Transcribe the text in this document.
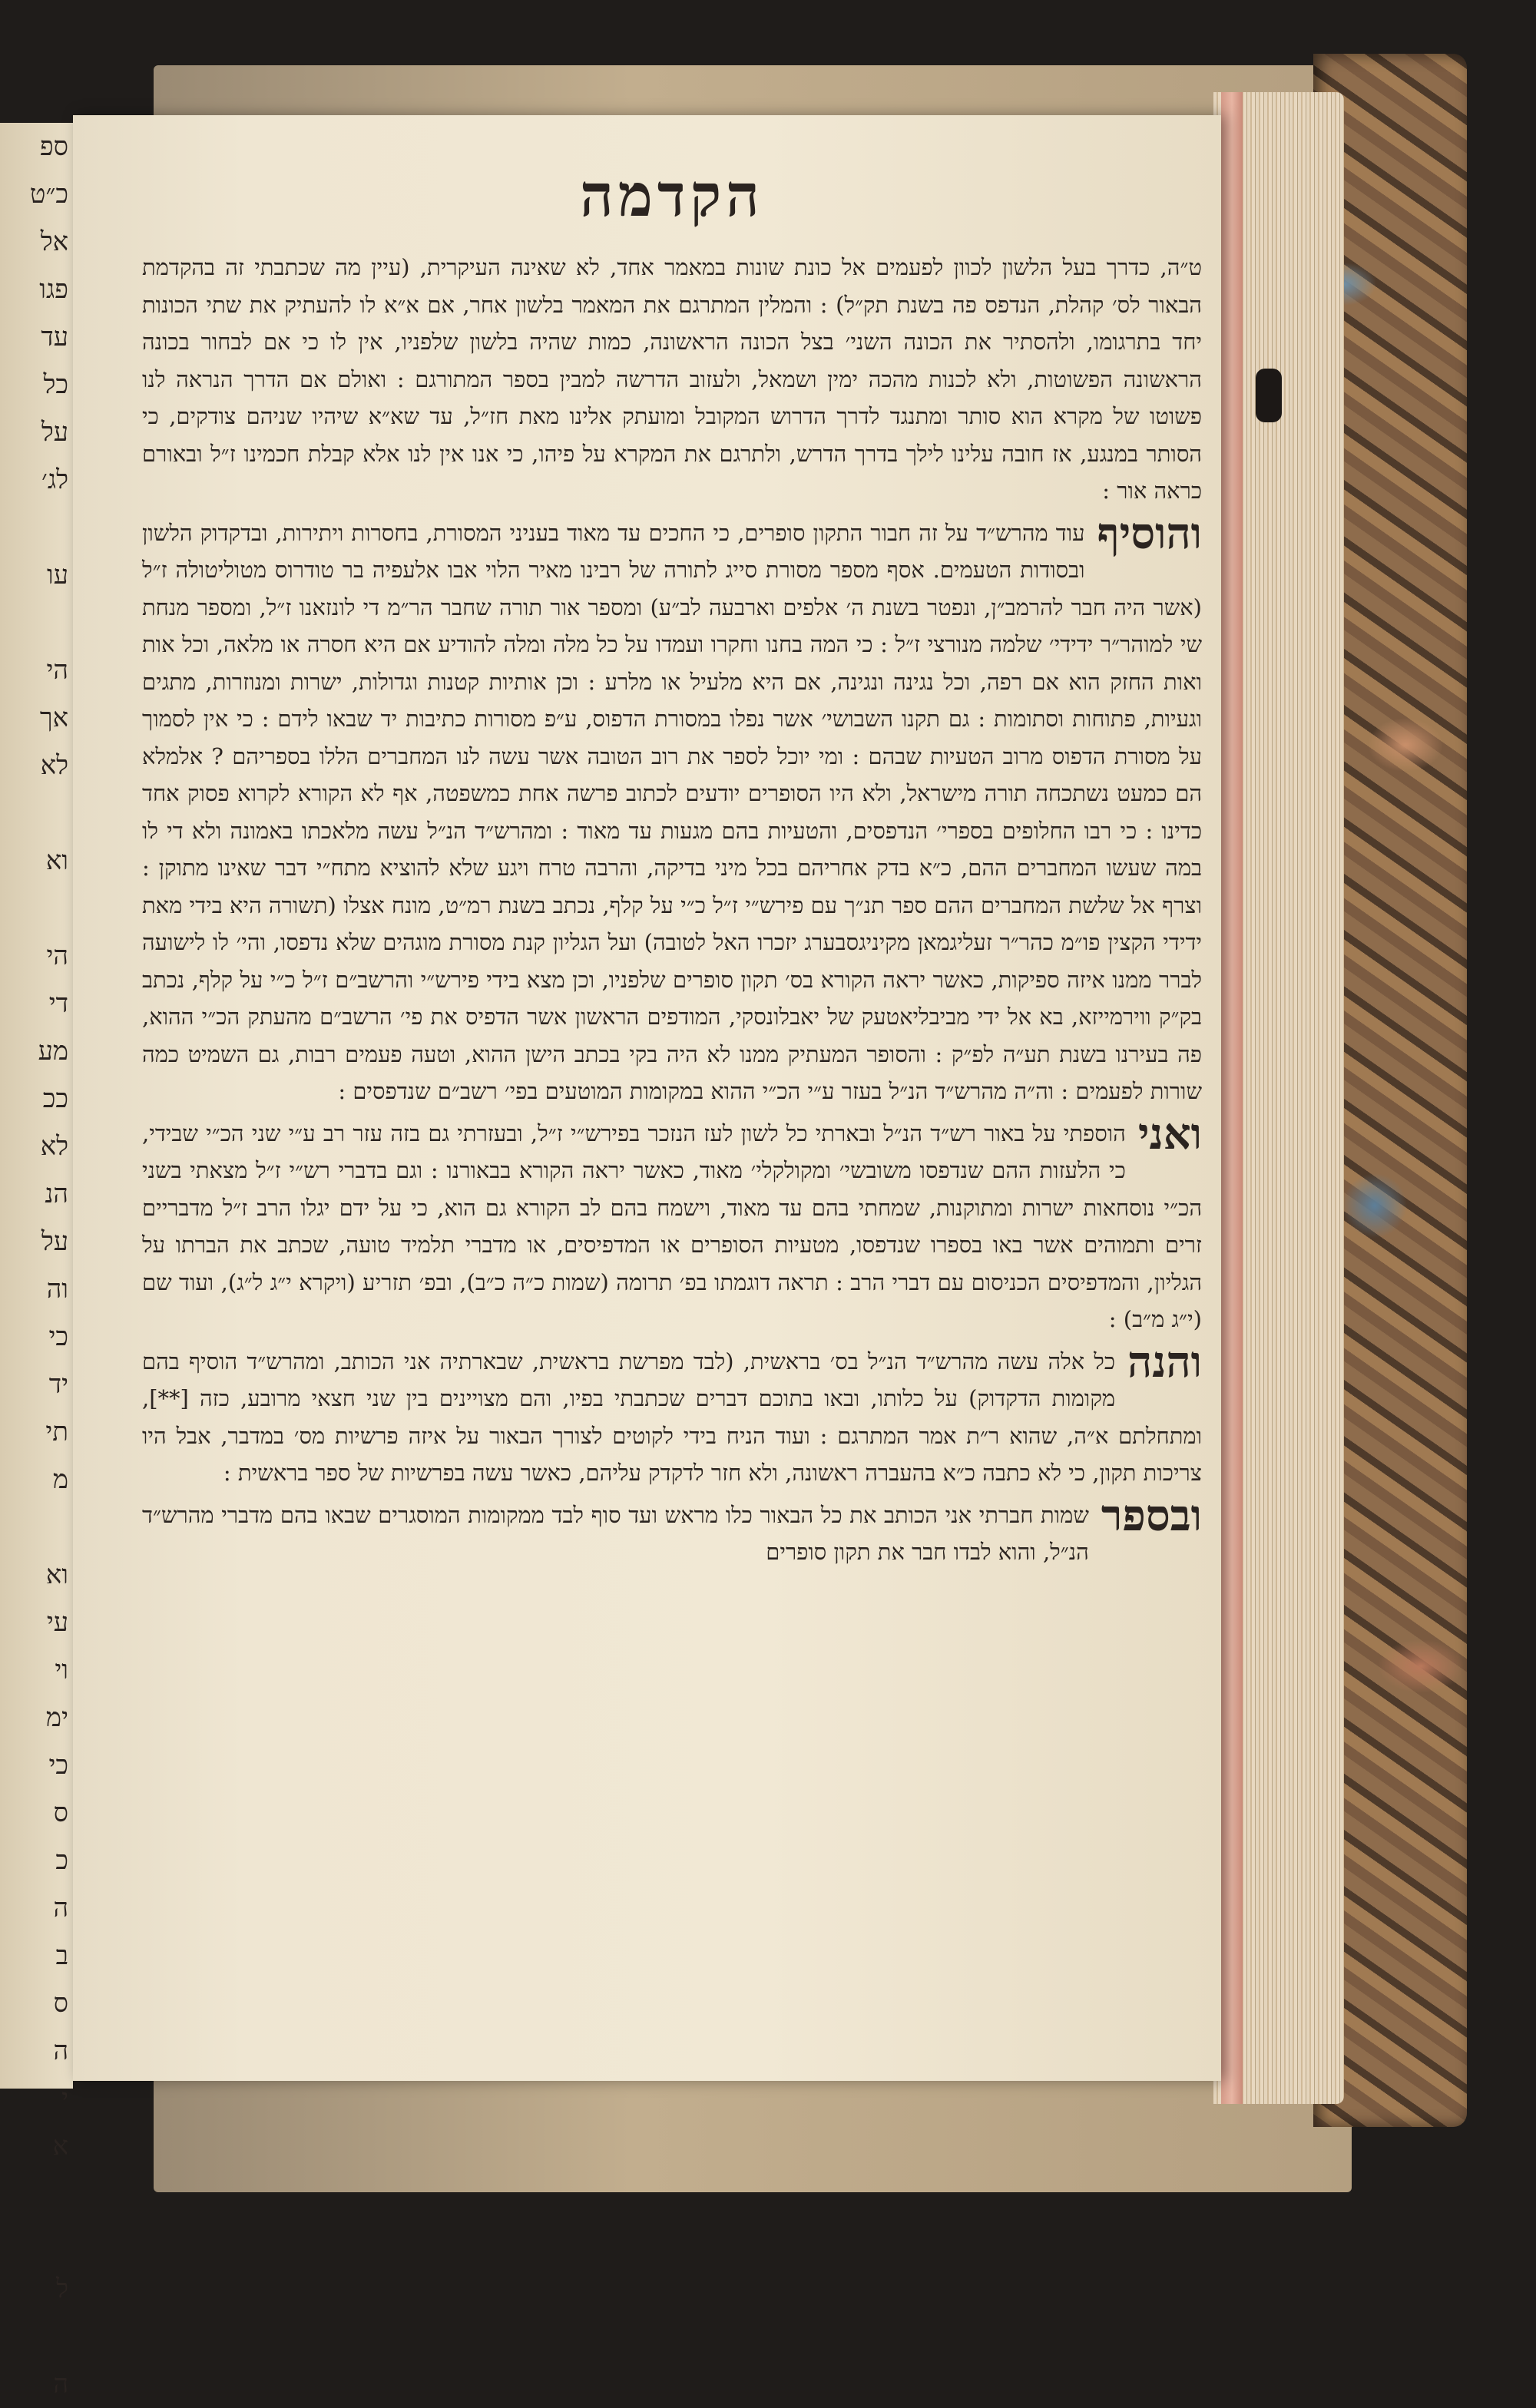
ספ
כ״ט
אל
פגו
עד
כל
על
לג׳

עו

הי
אך
לא

וא

הי
די
מע
ככ
לא
הנ
על
וה
כי
יד
תי
מ

וא
עי
וי
ימ
כי
ס
כ
ה
ב
ס
ה
י
א

ל

ה
הקדמה

ט״ה, כדרך בעל הלשון לכוון לפעמים אל כונת שונות במאמר אחד, לא שאינה העיקרית, (עיין מה שכתבתי זה בהקדמת הבאור לס׳ קהלת, הנדפס פה בשנת תק״ל) : והמלין המתרגם את המאמר בלשון אחר, אם א״א לו להעתיק את שתי הכונות יחד בתרגומו, ולהסתיר את הכונה השני׳ בצל הכונה הראשונה, כמות שהיה בלשון שלפניו, אין לו כי אם לבחור בכונה הראשונה הפשוטות, ולא לכנות מהכה ימין ושמאל, ולעזוב הדרשה למבין בספר המתורגם : ואולם אם הדרך הנראה לנו פשוטו של מקרא הוא סותר ומתנגד לדרך הדרוש המקובל ומועתק אלינו מאת חז״ל, עד שא״א שיהיו שניהם צודקים, כי הסותר במנגע, אז חובה עלינו לילך בדרך הדרש, ולתרגם את המקרא על פיהו, כי אנו אין לנו אלא קבלת חכמינו ז״ל ובאורם כראה אור :

והוסיף
עוד מהרש״ד על זה חבור התקון סופרים, כי החכים עד מאוד בעניני המסורת, בחסרות ויתירות, ובדקדוק הלשון ובסודות הטעמים. אסף מספר מסורת סייג לתורה של רבינו מאיר הלוי אבו אלעפיה בר טודרוס מטוליטולה ז״ל (אשר היה חבר להרמב״ן, ונפטר בשנת ה׳ אלפים וארבעה לב״ע) ומספר אור תורה שחבר הר״מ די לונזאנו ז״ל, ומספר מנחת שי למוהר״ר ידידי׳ שלמה מנורצי ז״ל : כי המה בחנו וחקרו ועמדו על כל מלה ומלה להודיע אם היא חסרה או מלאה, וכל אות ואות החזק הוא אם רפה, וכל נגינה ונגינה, אם היא מלעיל או מלרע : וכן אותיות קטנות וגדולות, ישרות ומנוזרות, מתגים וגעיות, פתוחות וסתומות : גם תקנו השבושי׳ אשר נפלו במסורת הדפוס, ע״פ מסורות כתיבות יד שבאו לידם : כי אין לסמוך על מסורת הדפוס מרוב הטעיות שבהם : ומי יוכל לספר את רוב הטובה אשר עשה לנו המחברים הללו בספריהם ? אלמלא הם כמעט נשתכחה תורה מישראל, ולא היו הסופרים יודעים לכתוב פרשה אחת כמשפטה, אף לא הקורא לקרוא פסוק אחד כדינו : כי רבו החלופים בספרי׳ הנדפסים, והטעיות בהם מגעות עד מאוד : ומהרש״ד הנ״ל עשה מלאכתו באמונה ולא די לו במה שעשו המחברים ההם, כ״א בדק אחריהם בכל מיני בדיקה, והרבה טרח ויגע שלא להוציא מתח״י דבר שאינו מתוקן : וצרף אל שלשת המחברים ההם ספר תנ״ך עם פירש״י ז״ל כ״י על קלף, נכתב בשנת רמ״ט, מונח אצלו (תשורה היא בידי מאת ידידי הקצין פו״מ כהר״ר זעליגמאן מקיניגסבערג יזכרו האל לטובה) ועל הגליון קנת מסורת מוגהים שלא נדפסו, והי׳ לו לישועה לברר ממנו איזה ספיקות, כאשר יראה הקורא בס׳ תקון סופרים שלפניו, וכן מצא בידי פירש״י והרשב״ם ז״ל כ״י על קלף, נכתב בק״ק ווירמייזא, בא אל ידי מביבליאטעק של יאבלונסקי, המודפים הראשון אשר הדפיס את פי׳ הרשב״ם מהעתק הכ״י ההוא, פה בעירנו בשנת תע״ה לפ״ק : והסופר המעתיק ממנו לא היה בקי בכתב הישן ההוא, וטעה פעמים רבות, גם השמיט כמה שורות לפעמים : וה״ה מהרש״ד הנ״ל בעזר ע״י הכ״י ההוא במקומות המוטעים בפי׳ רשב״ם שנדפסים :

ואני
הוספתי על באור רש״ד הנ״ל ובארתי כל לשון לעז הנזכר בפירש״י ז״ל, ובעזרתי גם בזה עזר רב ע״י שני הכ״י שבידי, כי הלעזות ההם שנדפסו משובשי׳ ומקולקלי׳ מאוד, כאשר יראה הקורא בבאורנו : וגם בדברי רש״י ז״ל מצאתי בשני הכ״י נוסחאות ישרות ומתוקנות, שמחתי בהם עד מאוד, וישמח בהם לב הקורא גם הוא, כי על ידם יגלו הרב ז״ל מדבריים זרים ותמוהים אשר באו בספרו שנדפסו, מטעיות הסופרים או המדפיסים, או מדברי תלמיד טועה, שכתב את הברתו על הגליון, והמדפיסים הכניסום עם דברי הרב : תראה דוגמתו בפ׳ תרומה (שמות כ״ה כ״ב), ובפ׳ תזריע (ויקרא י״ג ל״ג), ועוד שם (י״ג מ״ב) :

והנה
כל אלה עשה מהרש״ד הנ״ל בס׳ בראשית, (לבד מפרשת בראשית, שבארתיה אני הכותב, ומהרש״ד הוסיף בהם מקומות הדקדוק) על כלותו, ובאו בתוכם דברים שכתבתי בפיו, והם מצויינים בין שני חצאי מרובע, כזה [**], ומתחלתם א״ה, שהוא ר״ת אמר המתרגם : ועוד הניח בידי לקוטים לצורך הבאור על איזה פרשיות מס׳ במדבר, אבל היו צריכות תקון, כי לא כתבה כ״א בהעברה ראשונה, ולא חזר לדקדק עליהם, כאשר עשה בפרשיות של ספר בראשית :

ובספר
שמות חברתי אני הכותב את כל הבאור כלו מראש ועד סוף לבד ממקומות המוסגרים שבאו בהם מדברי מהרש״ד הנ״ל, והוא לבדו חבר את תקון סופרים
